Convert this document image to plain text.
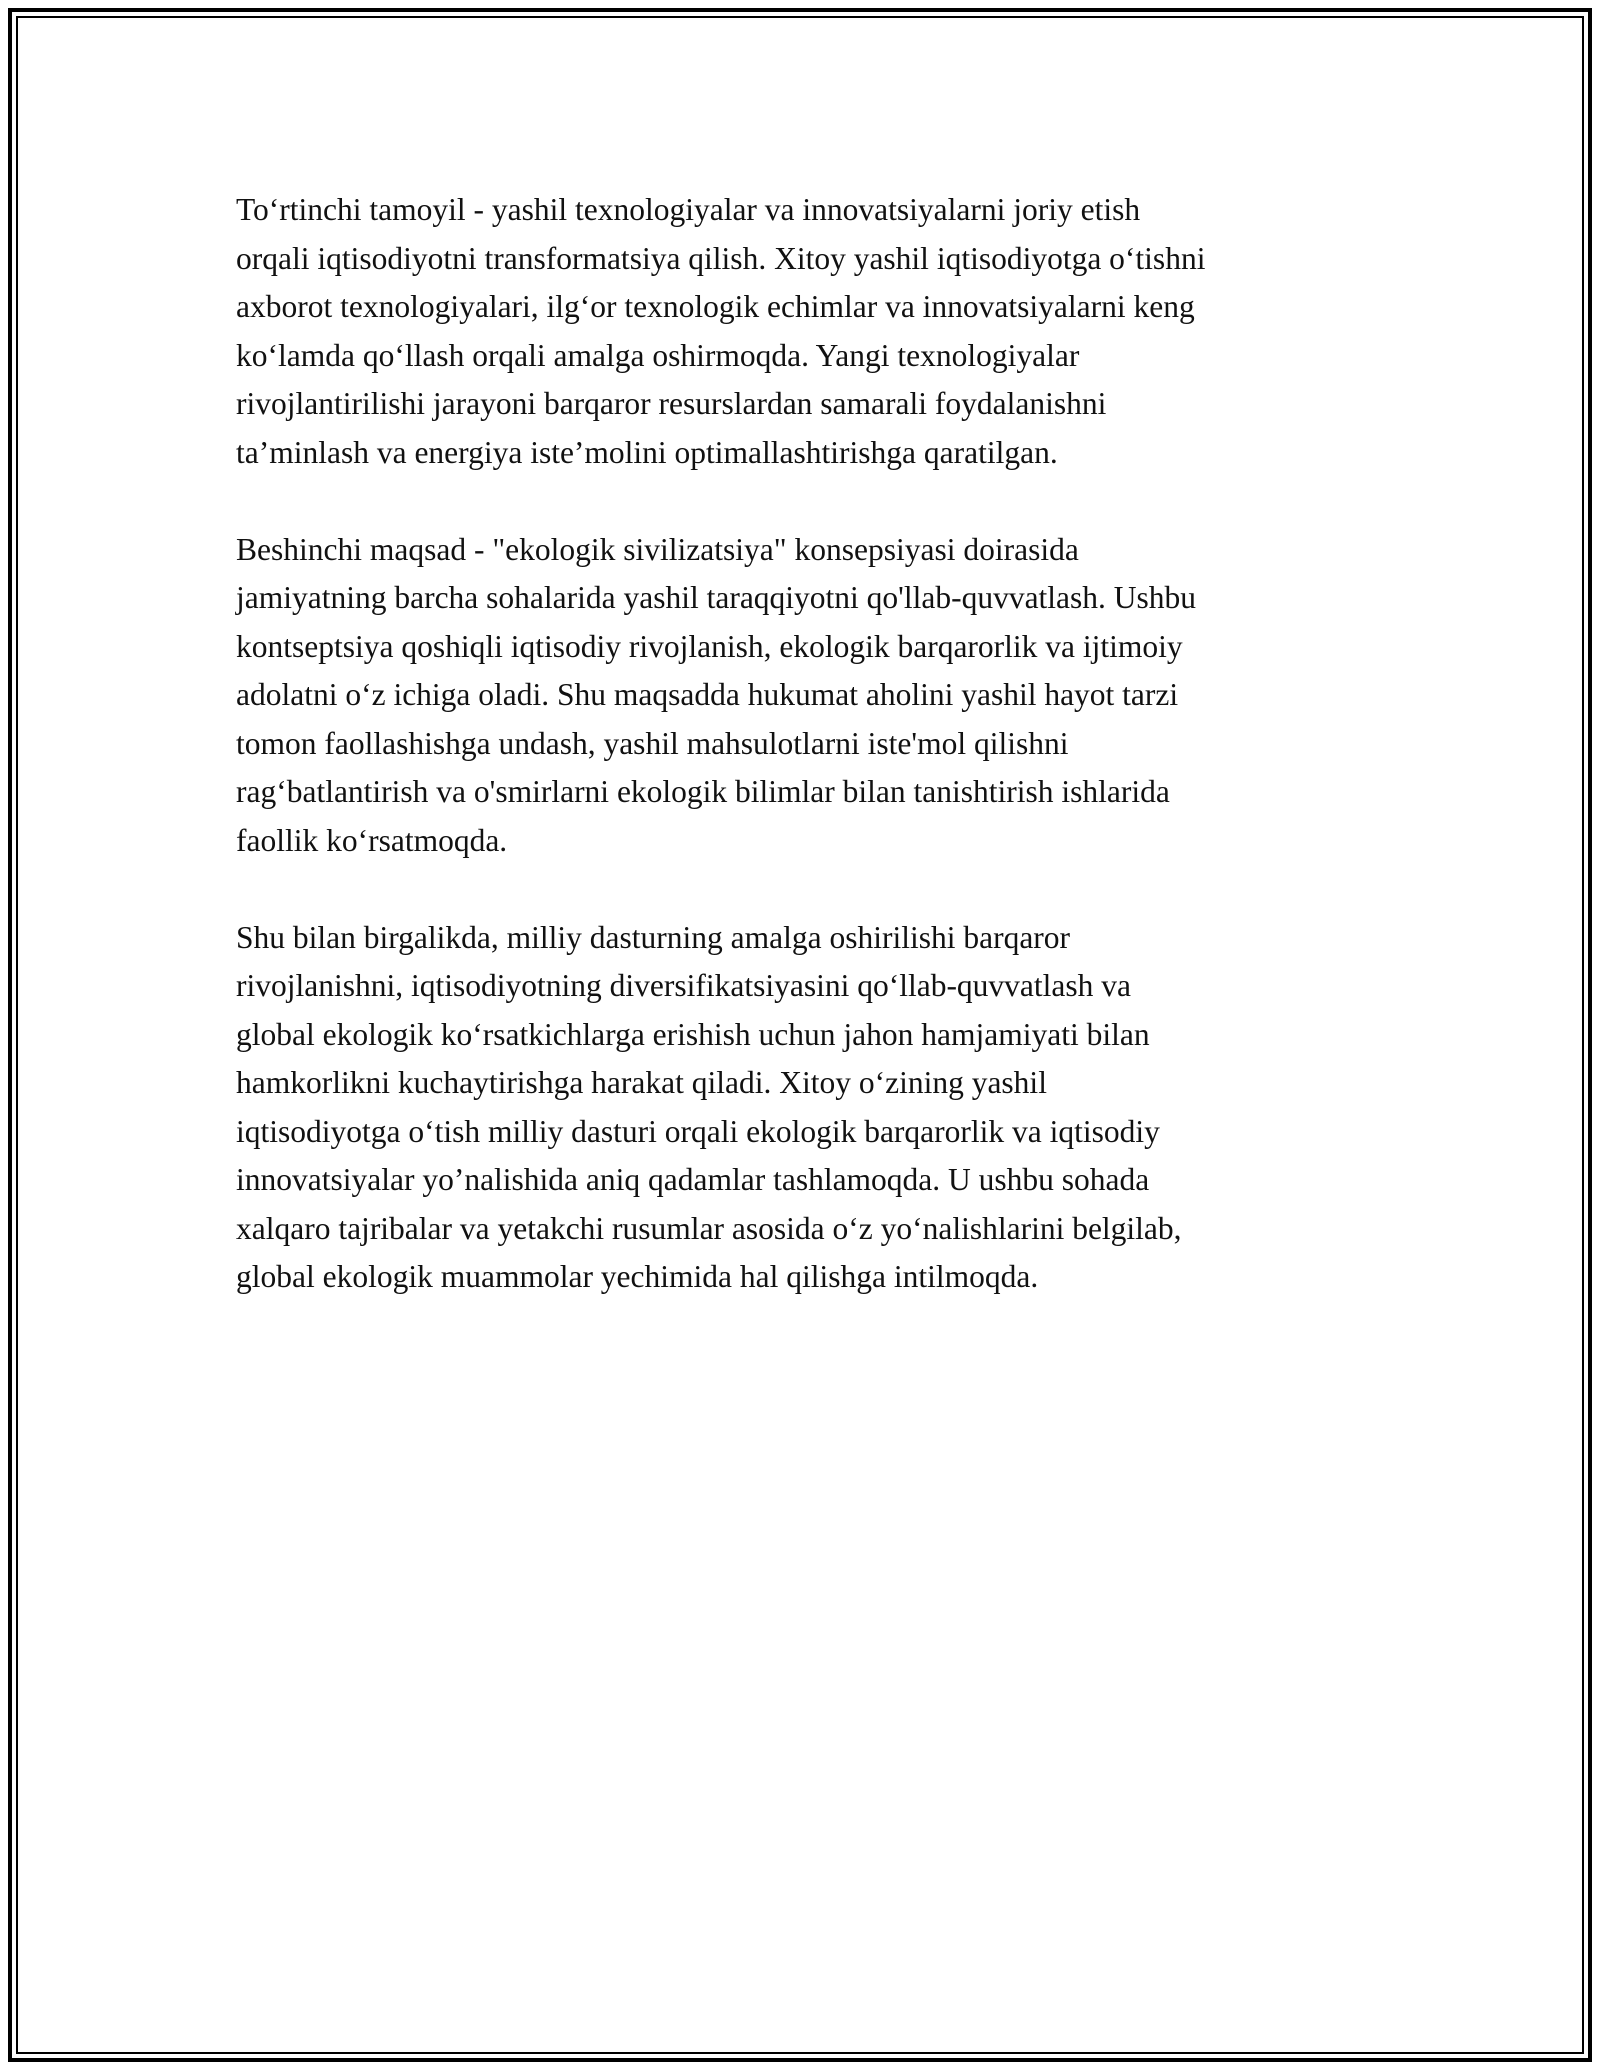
To‘rtinchi tamoyil - yashil texnologiyalar va innovatsiyalarni joriy etish
orqali iqtisodiyotni transformatsiya qilish. Xitoy yashil iqtisodiyotga o‘tishni
axborot texnologiyalari, ilg‘or texnologik echimlar va innovatsiyalarni keng
ko‘lamda qo‘llash orqali amalga oshirmoqda. Yangi texnologiyalar
rivojlantirilishi jarayoni barqaror resurslardan samarali foydalanishni
ta’minlash va energiya iste’molini optimallashtirishga qaratilgan.

Beshinchi maqsad - "ekologik sivilizatsiya" konsepsiyasi doirasida
jamiyatning barcha sohalarida yashil taraqqiyotni qo'llab-quvvatlash. Ushbu
kontseptsiya qoshiqli iqtisodiy rivojlanish, ekologik barqarorlik va ijtimoiy
adolatni o‘z ichiga oladi. Shu maqsadda hukumat aholini yashil hayot tarzi
tomon faollashishga undash, yashil mahsulotlarni iste'mol qilishni
rag‘batlantirish va o'smirlarni ekologik bilimlar bilan tanishtirish ishlarida
faollik ko‘rsatmoqda.

Shu bilan birgalikda, milliy dasturning amalga oshirilishi barqaror
rivojlanishni, iqtisodiyotning diversifikatsiyasini qo‘llab-quvvatlash va
global ekologik ko‘rsatkichlarga erishish uchun jahon hamjamiyati bilan
hamkorlikni kuchaytirishga harakat qiladi. Xitoy o‘zining yashil
iqtisodiyotga o‘tish milliy dasturi orqali ekologik barqarorlik va iqtisodiy
innovatsiyalar yo’nalishida aniq qadamlar tashlamoqda. U ushbu sohada
xalqaro tajribalar va yetakchi rusumlar asosida o‘z yo‘nalishlarini belgilab,
global ekologik muammolar yechimida hal qilishga intilmoqda.
